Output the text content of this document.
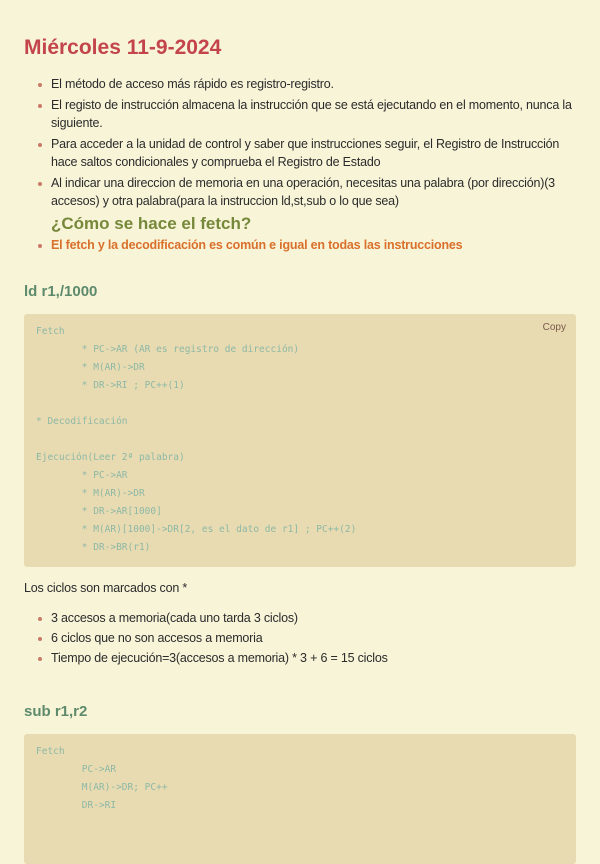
Miércoles 11-9-2024
El método de acceso más rápido es registro-registro.
El registo de instrucción almacena la instrucción que se está ejecutando en el momento, nunca la siguiente.
Para acceder a la unidad de control y saber que instrucciones seguir, el Registro de Instrucción hace saltos condicionales y comprueba el Registro de Estado
Al indicar una direccion de memoria en una operación, necesitas una palabra (por dirección)(3 accesos) y otra palabra(para la instruccion ld,st,sub o lo que sea)
¿Cómo se hace el fetch?
El fetch y la decodificación es común e igual en todas las instrucciones
ld r1,/1000
Copy
Fetch
* PC->AR (AR es registro de dirección)
* M(AR)->DR
* DR->RI ; PC++(1)

* Decodificación

Ejecución(Leer 2ª palabra)
* PC->AR
* M(AR)->DR
* DR->AR[1000]
* M(AR)[1000]->DR[2, es el dato de r1] ; PC++(2)
* DR->BR(r1)
Los ciclos son marcados con *
3 accesos a memoria(cada uno tarda 3 ciclos)
6 ciclos que no son accesos a memoria
Tiempo de ejecución=3(accesos a memoria) * 3 + 6 = 15 ciclos
sub r1,r2
Fetch
PC->AR
M(AR)->DR; PC++
DR->RI
